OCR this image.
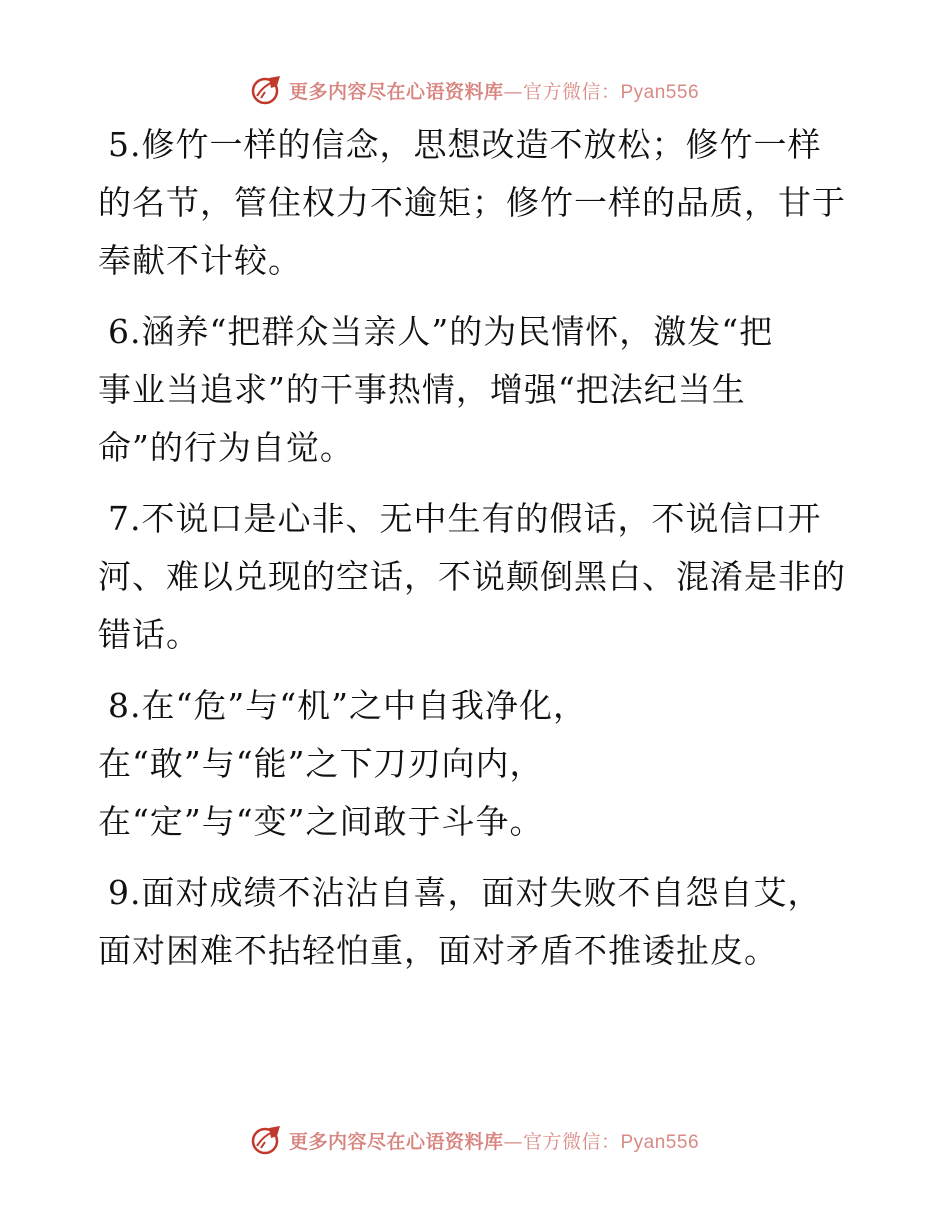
更多内容尽在心语资料库—官方微信：Pyan556
5.修竹一样的信念，思想改造不放松；修竹一样
的名节，管住权力不逾矩；修竹一样的品质，甘于
奉献不计较。
6.涵养“把群众当亲人”的为民情怀，激发“把
事业当追求”的干事热情，增强“把法纪当生
命”的行为自觉。
7.不说口是心非、无中生有的假话，不说信口开
河、难以兑现的空话，不说颠倒黑白、混淆是非的
错话。
8.在“危”与“机”之中自我净化，
在“敢”与“能”之下刀刃向内，
在“定”与“变”之间敢于斗争。
9.面对成绩不沾沾自喜，面对失败不自怨自艾，
面对困难不拈轻怕重，面对矛盾不推诿扯皮。
更多内容尽在心语资料库—官方微信：Pyan556
